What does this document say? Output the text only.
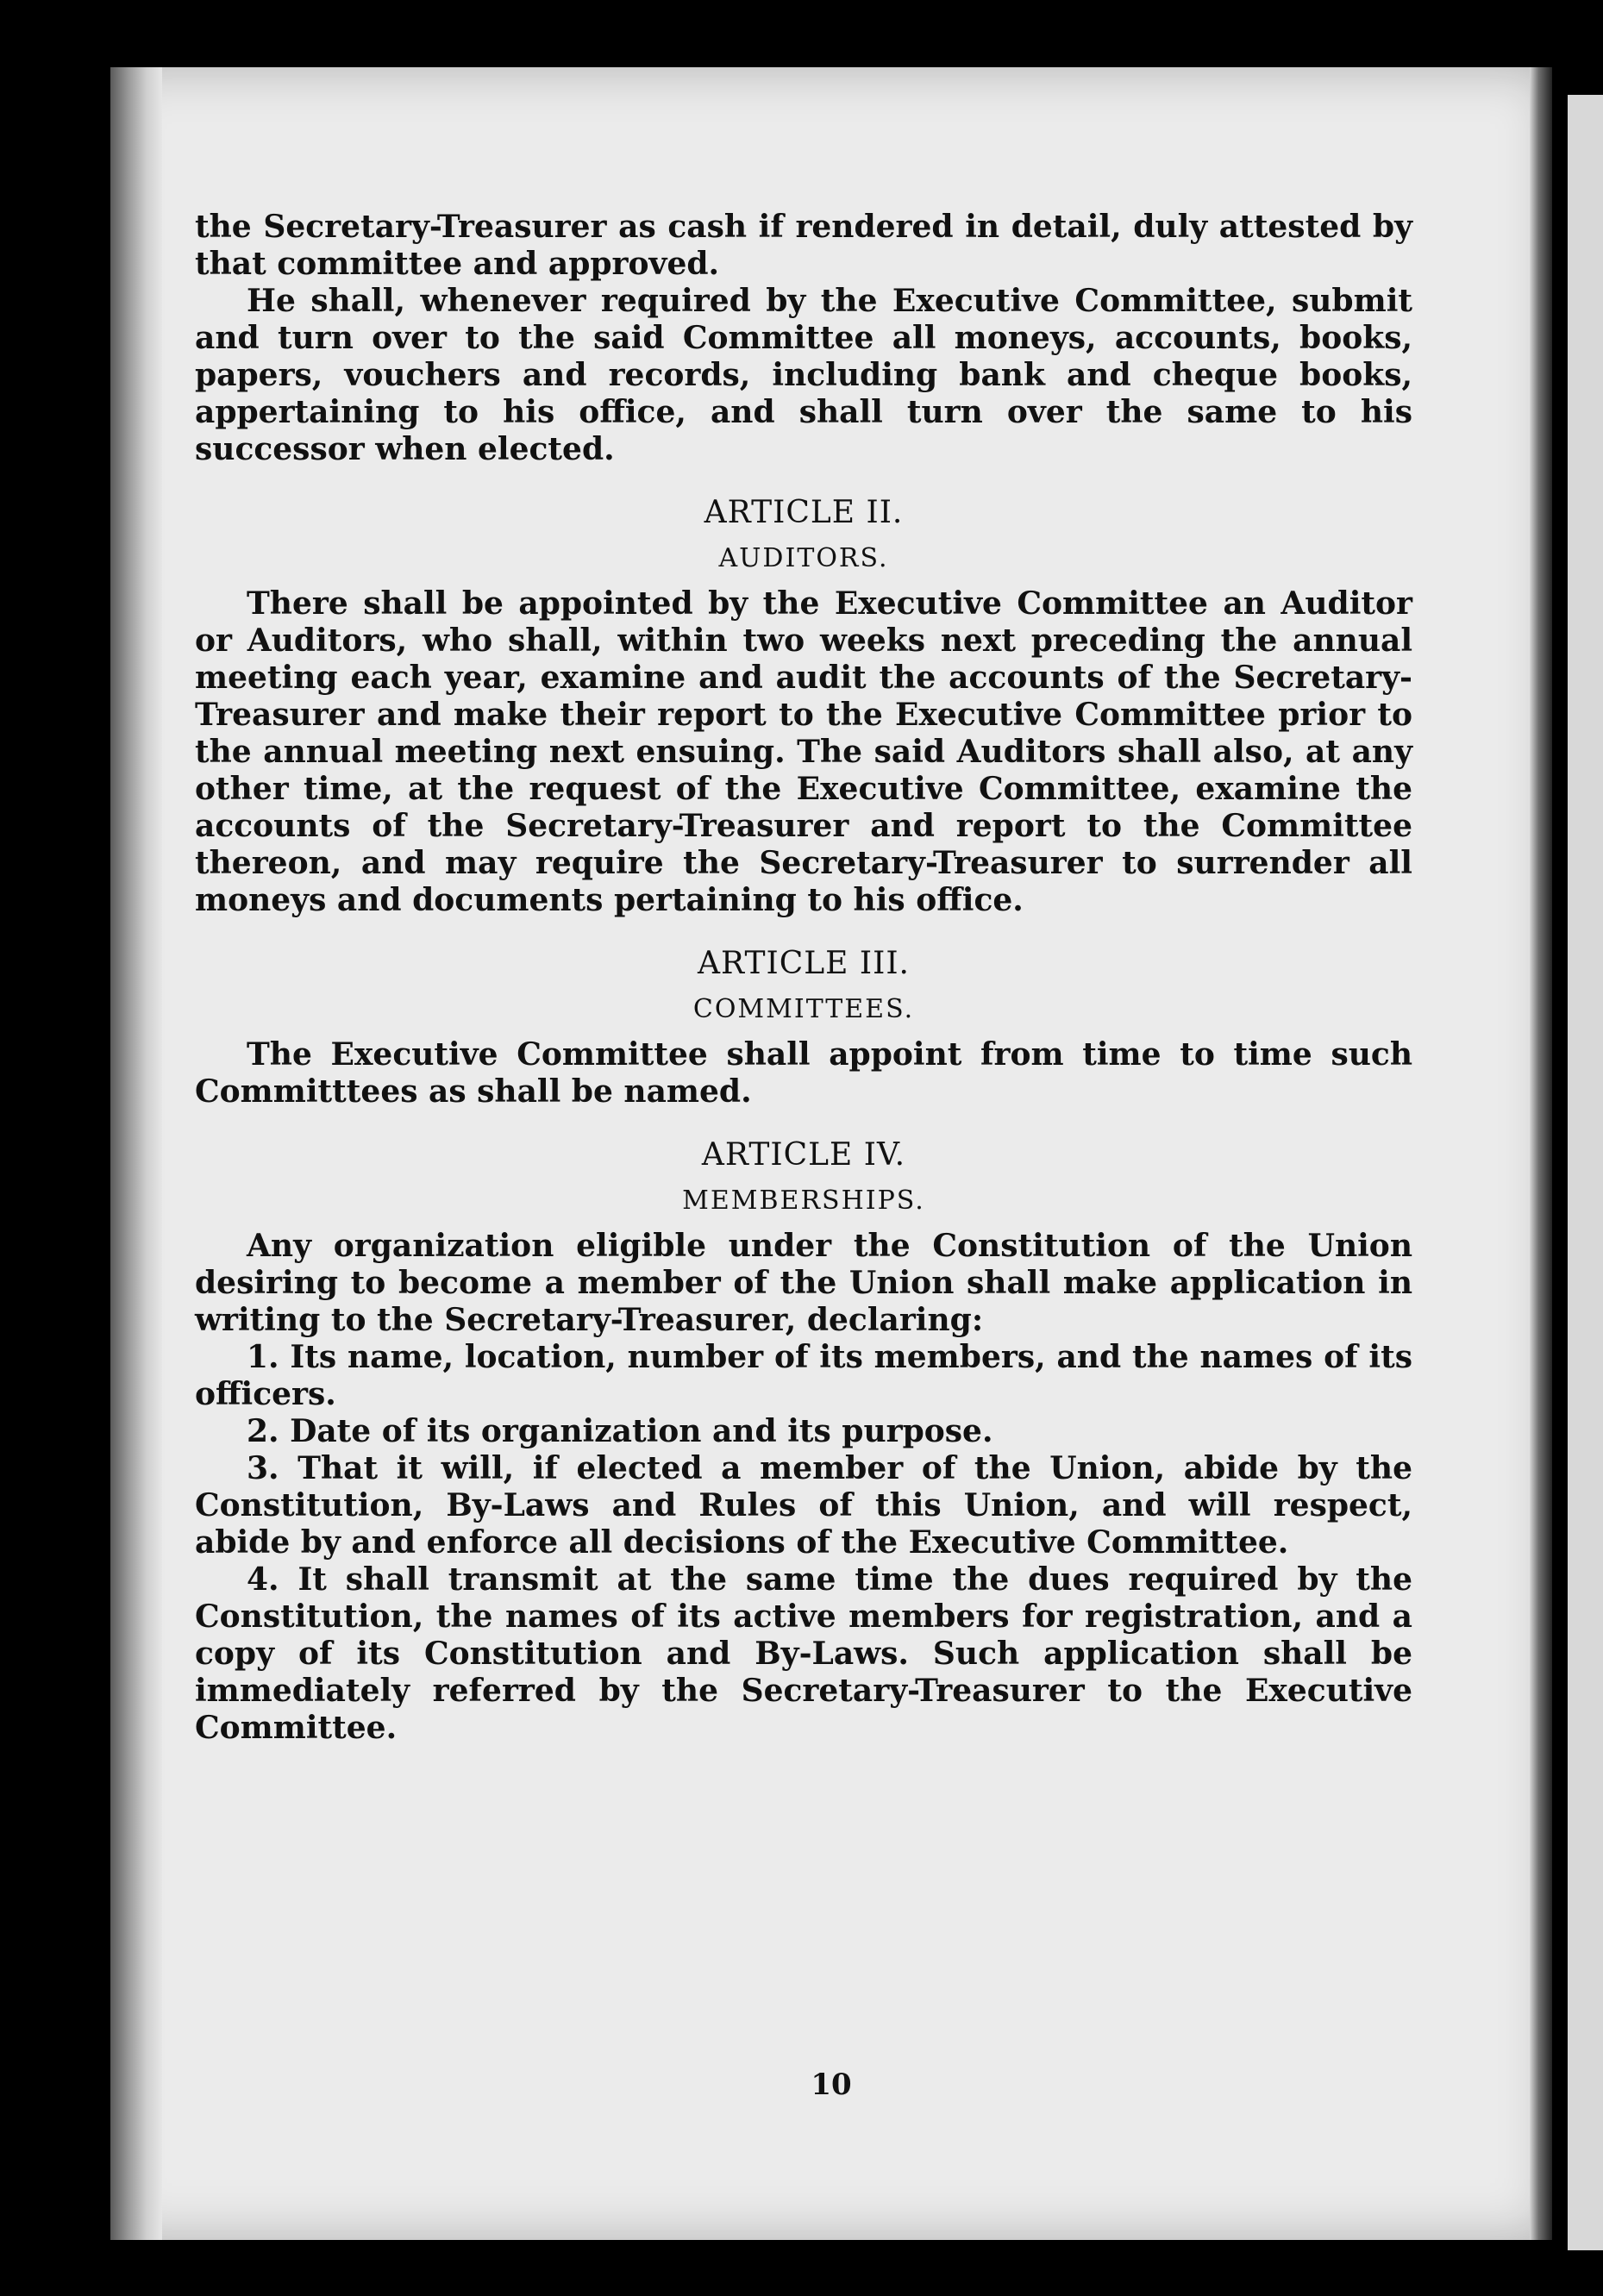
10

the Secretary-Treasurer as cash if rendered in detail, duly attested by that committee and approved.

He shall, whenever required by the Executive Committee, submit and turn over to the said Committee all moneys, accounts, books, papers, vouchers and records, including bank and cheque books, appertaining to his office, and shall turn over the same to his successor when elected.

ARTICLE II.
AUDITORS.

There shall be appointed by the Executive Committee an Auditor or Auditors, who shall, within two weeks next preceding the annual meeting each year, examine and audit the accounts of the Secretary-Treasurer and make their report to the Executive Committee prior to the annual meeting next ensuing. The said Auditors shall also, at any other time, at the request of the Executive Committee, examine the accounts of the Secretary-Treasurer and report to the Committee thereon, and may require the Secretary-Treasurer to surrender all moneys and documents pertaining to his office.

ARTICLE III.
COMMITTEES.

The Executive Committee shall appoint from time to time such Committtees as shall be named.

ARTICLE IV.
MEMBERSHIPS.

Any organization eligible under the Constitution of the Union desiring to become a member of the Union shall make application in writing to the Secretary-Treasurer, declaring:

1. Its name, location, number of its members, and the names of its officers.

2. Date of its organization and its purpose.

3. That it will, if elected a member of the Union, abide by the Constitution, By-Laws and Rules of this Union, and will respect, abide by and enforce all decisions of the Executive Committee.

4. It shall transmit at the same time the dues required by the Constitution, the names of its active members for registration, and a copy of its Constitution and By-Laws. Such application shall be immediately referred by the Secretary-Treasurer to the Executive Committee.
